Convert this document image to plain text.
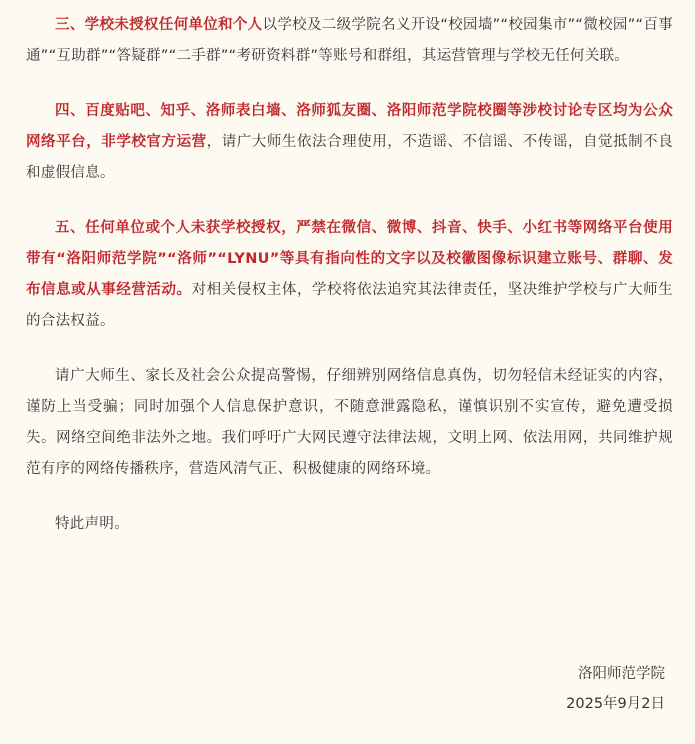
三、学校未授权任何单位和个人以学校及二级学院名义开设“校园墙”“校园集市”“微校园”“百事通”“互助群”“答疑群”“二手群”“考研资料群”等账号和群组，其运营管理与学校无任何关联。

四、百度贴吧、知乎、洛师表白墙、洛师狐友圈、洛阳师范学院校圈等涉校讨论专区均为公众网络平台，非学校官方运营，请广大师生依法合理使用，不造谣、不信谣、不传谣，自觉抵制不良和虚假信息。

五、任何单位或个人未获学校授权，严禁在微信、微博、抖音、快手、小红书等网络平台使用带有“洛阳师范学院”“洛师”“LYNU”等具有指向性的文字以及校徽图像标识建立账号、群聊、发布信息或从事经营活动。对相关侵权主体，学校将依法追究其法律责任，坚决维护学校与广大师生的合法权益。

请广大师生、家长及社会公众提高警惕，仔细辨别网络信息真伪，切勿轻信未经证实的内容，谨防上当受骗；同时加强个人信息保护意识，不随意泄露隐私，谨慎识别不实宣传，避免遭受损失。网络空间绝非法外之地。我们呼吁广大网民遵守法律法规，文明上网、依法用网，共同维护规范有序的网络传播秩序，营造风清气正、积极健康的网络环境。

特此声明。

洛阳师范学院
2025年9月2日
